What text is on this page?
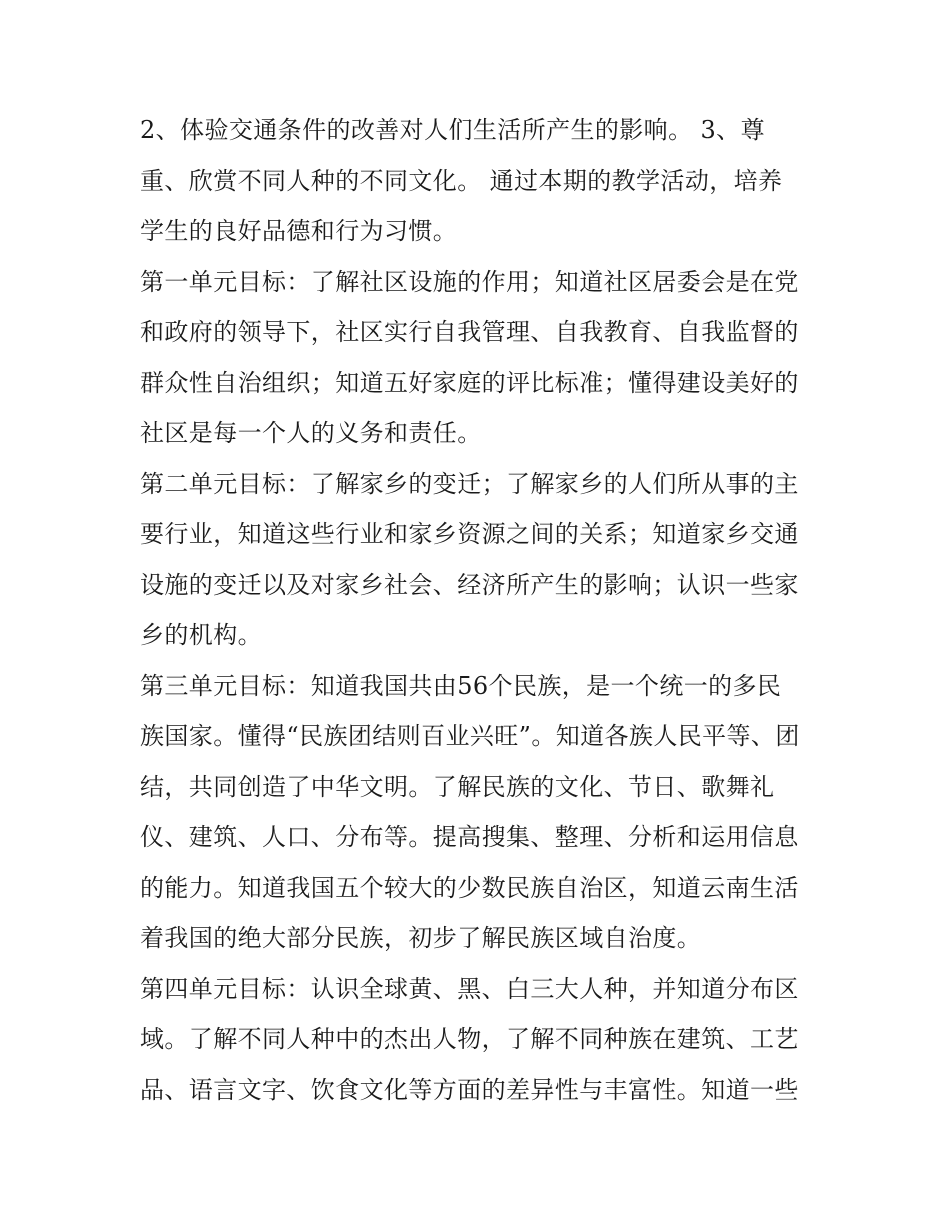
2、体验交通条件的改善对人们生活所产生的影响。 3、尊
重、欣赏不同人种的不同文化。 通过本期的教学活动，培养
学生的良好品德和行为习惯。
第一单元目标：了解社区设施的作用；知道社区居委会是在党
和政府的领导下，社区实行自我管理、自我教育、自我监督的
群众性自治组织；知道五好家庭的评比标准；懂得建设美好的
社区是每一个人的义务和责任。
第二单元目标：了解家乡的变迁；了解家乡的人们所从事的主
要行业，知道这些行业和家乡资源之间的关系；知道家乡交通
设施的变迁以及对家乡社会、经济所产生的影响；认识一些家
乡的机构。
第三单元目标：知道我国共由56个民族，是一个统一的多民
族国家。懂得“民族团结则百业兴旺”。知道各族人民平等、团
结，共同创造了中华文明。了解民族的文化、节日、歌舞礼
仪、建筑、人口、分布等。提高搜集、整理、分析和运用信息
的能力。知道我国五个较大的少数民族自治区，知道云南生活
着我国的绝大部分民族，初步了解民族区域自治度。
第四单元目标：认识全球黄、黑、白三大人种，并知道分布区
域。了解不同人种中的杰出人物，了解不同种族在建筑、工艺
品、语言文字、饮食文化等方面的差异性与丰富性。知道一些
